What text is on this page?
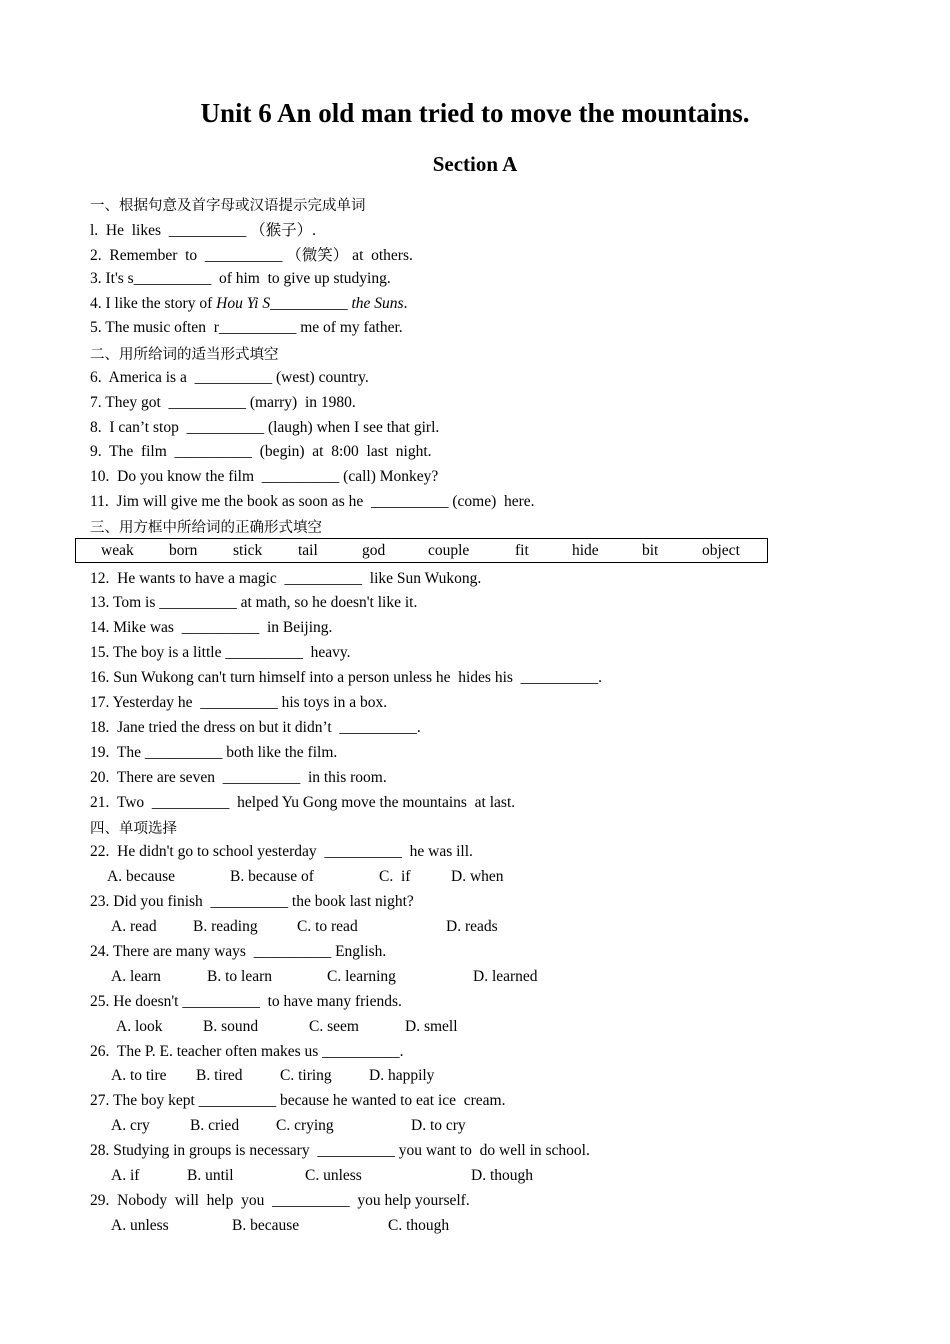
Unit 6 An old man tried to move the mountains.
Section A
一、根据句意及首字母或汉语提示完成单词
l.  He  likes  __________ （猴子）.
2.  Remember  to  __________ （微笑） at  others.
3. It's s__________  of him  to give up studying.
4. I like the story of Hou Yi S__________ the Suns.
5. The music often  r__________ me of my father.
二、用所给词的适当形式填空
6.  America is a  __________ (west) country.
7. They got  __________ (marry)  in 1980.
8.  I can’t stop  __________ (laugh) when I see that girl.
9.  The  film  __________  (begin)  at  8:00  last  night.
10.  Do you know the film  __________ (call) Monkey?
11.  Jim will give me the book as soon as he  __________ (come)  here.
三、用方框中所给词的正确形式填空
weak born stick tail	god	couple	fit	hide	bit	object
12.  He wants to have a magic  __________  like Sun Wukong.
13. Tom is __________ at math, so he doesn't like it.
14. Mike was  __________  in Beijing.
15. The boy is a little __________  heavy.
16. Sun Wukong can't turn himself into a person unless he  hides his  __________.
17. Yesterday he  __________ his toys in a box.
18.  Jane tried the dress on but it didn’t  __________.
19.  The __________ both like the film.
20.  There are seven  __________  in this room.
21.  Two  __________  helped Yu Gong move the mountains  at last.
四、单项选择
22.  He didn't go to school yesterday  __________  he was ill.
A. because	B. because of	C.  if	D. when
23. Did you finish  __________ the book last night?
A. read B. reading	C. to read	D. reads
24. There are many ways  __________ English.
A. learn	B. to learn	C. learning	D. learned
25. He doesn't __________  to have many friends.
A. look	B. sound	C. seem	D. smell
26.  The P. E. teacher often makes us __________.
A. to tire B. tired C. tiring D. happily
27. The boy kept __________ because he wanted to eat ice  cream.
A. cry	B. cried C. crying	D. to cry
28. Studying in groups is necessary  __________ you want to  do well in school.
A. if	B. until	C. unless	D. though
29.  Nobody  will  help  you  __________  you help yourself.
A. unless	B. because	C. though
